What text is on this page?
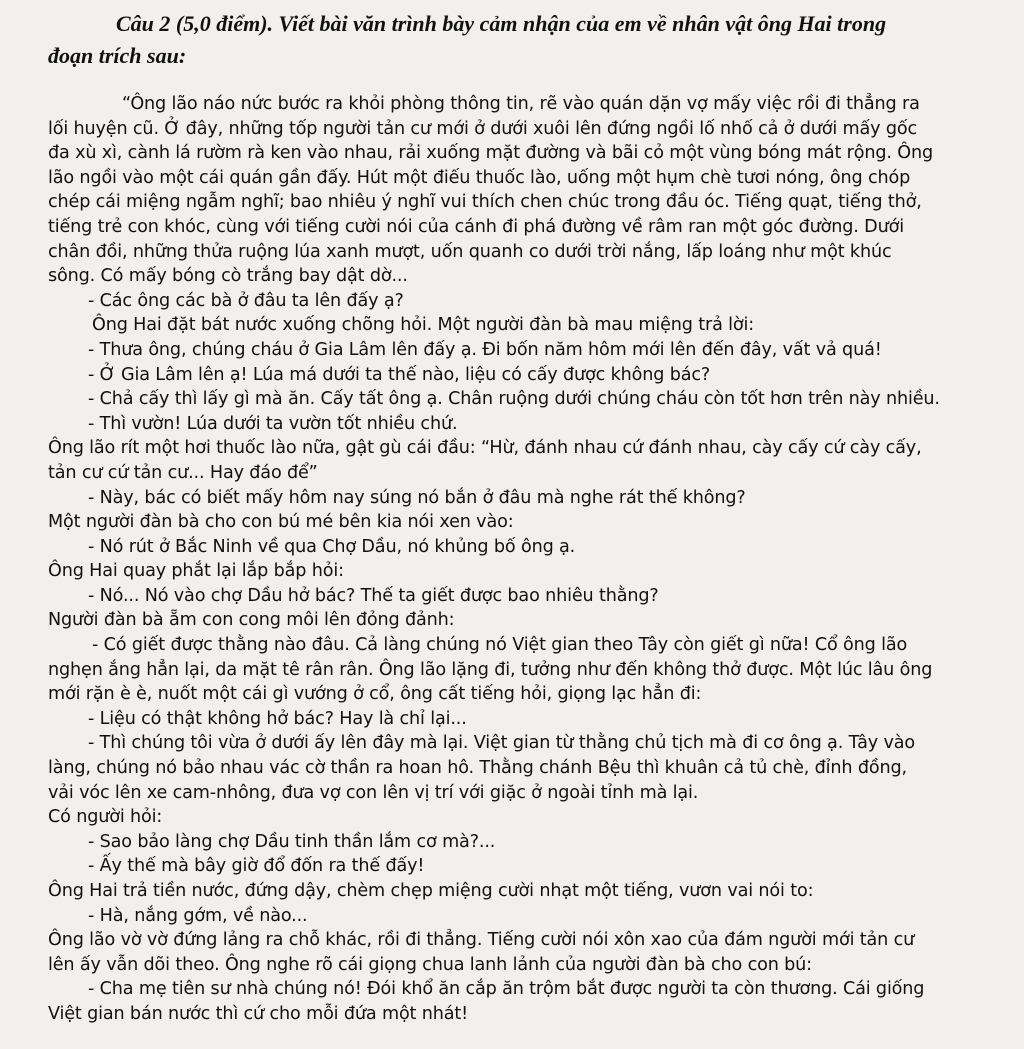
Câu 2 (5,0 điểm). Viết bài văn trình bày cảm nhận của em về nhân vật ông Hai trong
đoạn trích sau:
“Ông lão náo nức bước ra khỏi phòng thông tin, rẽ vào quán dặn vợ mấy việc rồi đi thẳng ra
lối huyện cũ. Ở đây, những tốp người tản cư mới ở dưới xuôi lên đứng ngồi lố nhố cả ở dưới mấy gốc
đa xù xì, cành lá rườm rà ken vào nhau, rải xuống mặt đường và bãi cỏ một vùng bóng mát rộng. Ông
lão ngồi vào một cái quán gần đấy. Hút một điếu thuốc lào, uống một hụm chè tươi nóng, ông chóp
chép cái miệng ngẫm nghĩ; bao nhiêu ý nghĩ vui thích chen chúc trong đầu óc. Tiếng quạt, tiếng thở,
tiếng trẻ con khóc, cùng với tiếng cười nói của cánh đi phá đường về râm ran một góc đường. Dưới
chân đồi, những thửa ruộng lúa xanh mượt, uốn quanh co dưới trời nắng, lấp loáng như một khúc
sông. Có mấy bóng cò trắng bay dật dờ...
- Các ông các bà ở đâu ta lên đấy ạ?
Ông Hai đặt bát nước xuống chõng hỏi. Một người đàn bà mau miệng trả lời:
- Thưa ông, chúng cháu ở Gia Lâm lên đấy ạ. Đi bốn năm hôm mới lên đến đây, vất vả quá!
- Ở Gia Lâm lên ạ! Lúa má dưới ta thế nào, liệu có cấy được không bác?
- Chả cấy thì lấy gì mà ăn. Cấy tất ông ạ. Chân ruộng dưới chúng cháu còn tốt hơn trên này nhiều.
- Thì vườn! Lúa dưới ta vườn tốt nhiều chứ.
Ông lão rít một hơi thuốc lào nữa, gật gù cái đầu: “Hừ, đánh nhau cứ đánh nhau, cày cấy cứ cày cấy,
tản cư cứ tản cư... Hay đáo để”
- Này, bác có biết mấy hôm nay súng nó bắn ở đâu mà nghe rát thế không?
Một người đàn bà cho con bú mé bên kia nói xen vào:
- Nó rút ở Bắc Ninh về qua Chợ Dầu, nó khủng bố ông ạ.
Ông Hai quay phắt lại lắp bắp hỏi:
- Nó... Nó vào chợ Dầu hở bác? Thế ta giết được bao nhiêu thằng?
Người đàn bà ẵm con cong môi lên đỏng đảnh:
- Có giết được thằng nào đâu. Cả làng chúng nó Việt gian theo Tây còn giết gì nữa! Cổ ông lão
nghẹn ắng hẳn lại, da mặt tê rân rân. Ông lão lặng đi, tưởng như đến không thở được. Một lúc lâu ông
mới rặn è è, nuốt một cái gì vướng ở cổ, ông cất tiếng hỏi, giọng lạc hẳn đi:
- Liệu có thật không hở bác? Hay là chỉ lại...
- Thì chúng tôi vừa ở dưới ấy lên đây mà lại. Việt gian từ thằng chủ tịch mà đi cơ ông ạ. Tây vào
làng, chúng nó bảo nhau vác cờ thần ra hoan hô. Thằng chánh Bệu thì khuân cả tủ chè, đỉnh đồng,
vải vóc lên xe cam-nhông, đưa vợ con lên vị trí với giặc ở ngoài tỉnh mà lại.
Có người hỏi:
- Sao bảo làng chợ Dầu tinh thần lắm cơ mà?...
- Ấy thế mà bây giờ đổ đốn ra thế đấy!
Ông Hai trả tiền nước, đứng dậy, chèm chẹp miệng cười nhạt một tiếng, vươn vai nói to:
- Hà, nắng gớm, về nào...
Ông lão vờ vờ đứng lảng ra chỗ khác, rồi đi thẳng. Tiếng cười nói xôn xao của đám người mới tản cư
lên ấy vẫn dõi theo. Ông nghe rõ cái giọng chua lanh lảnh của người đàn bà cho con bú:
- Cha mẹ tiên sư nhà chúng nó! Đói khổ ăn cắp ăn trộm bắt được người ta còn thương. Cái giống
Việt gian bán nước thì cứ cho mỗi đứa một nhát!
